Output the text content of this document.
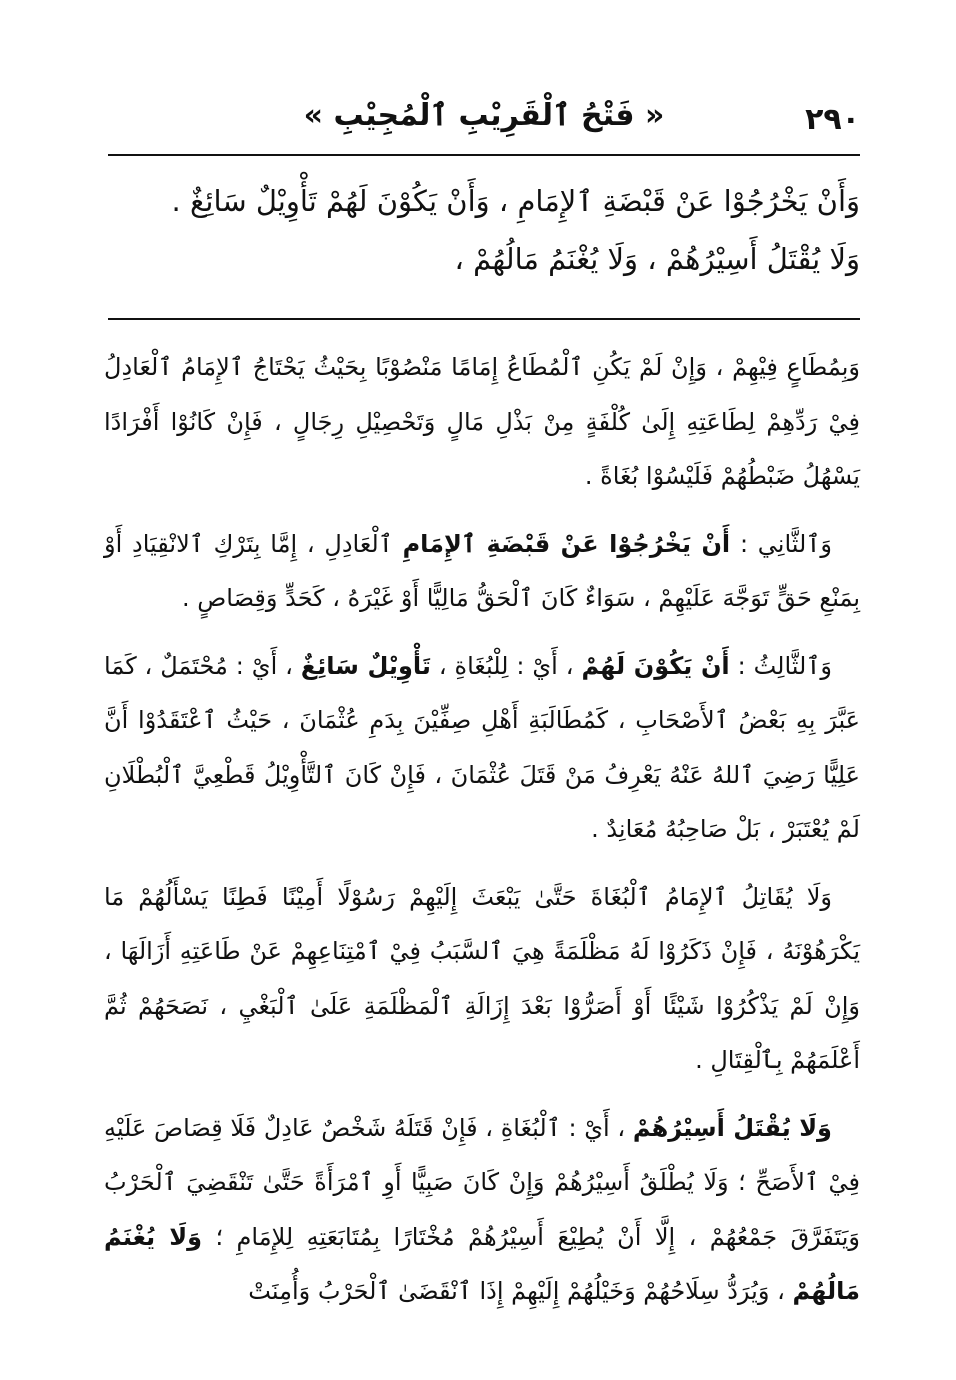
٢٩٠
« فَتْحُ ٱلْقَرِيْبِ ٱلْمُجِيْبِ »

وَأَنْ يَخْرُجُوْا عَنْ قَبْضَةِ ٱلإِمَامِ ، وَأَنْ يَكُوْنَ لَهُمْ تَأْوِيْلٌ سَائِغٌ .

وَلَا يُقْتَلُ أَسِيْرُهُمْ ، وَلَا يُغْنَمُ مَالُهُمْ ،

وَبِمُطَاعٍ فِيْهِمْ ، وَإِنْ لَمْ يَكُنِ ٱلْمُطَاعُ إِمَامًا مَنْصُوْبًا بِحَيْثُ يَحْتَاجُ ٱلإِمَامُ ٱلْعَادِلُ فِيْ رَدِّهِمْ لِطَاعَتِهِ إِلَىٰ كُلْفَةٍ مِنْ بَذْلِ مَالٍ وَتَحْصِيْلِ رِجَالٍ ، فَإِنْ كَانُوْا أَفْرَادًا يَسْهُلُ ضَبْطُهُمْ فَلَيْسُوْا بُغَاةً .

وَٱلثَّانِي : أَنْ يَخْرُجُوْا عَنْ قَبْضَةِ ٱلإِمَامِ ٱلْعَادِلِ ، إِمَّا بِتَرْكِ ٱلانْقِيَادِ أَوْ بِمَنْعِ حَقٍّ تَوَجَّهَ عَلَيْهِمْ ، سَوَاءٌ كَانَ ٱلْحَقُّ مَالِيًّا أَوْ غَيْرَهُ ، كَحَدٍّ وَقِصَاصٍ .

وَٱلثَّالِثُ : أَنْ يَكُوْنَ لَهُمْ ، أَيْ : لِلْبُغَاةِ ، تَأْوِيْلٌ سَائِغٌ ، أَيْ : مُحْتَمَلٌ ، كَمَا عَبَّرَ بِهِ بَعْضُ ٱلأَصْحَابِ ، كَمُطَالَبَةِ أَهْلِ صِفِّيْنَ بِدَمِ عُثْمَانَ ، حَيْثُ ٱعْتَقَدُوْا أَنَّ عَلِيًّا رَضِيَ ٱللهُ عَنْهُ يَعْرِفُ مَنْ قَتَلَ عُثْمَانَ ، فَإِنْ كَانَ ٱلتَّأْوِيْلُ قَطْعِيَّ ٱلْبُطْلَانِ لَمْ يُعْتَبَرْ ، بَلْ صَاحِبُهُ مُعَانِدٌ .

وَلَا يُقَاتِلُ ٱلإِمَامُ ٱلْبُغَاةَ حَتَّىٰ يَبْعَثَ إِلَيْهِمْ رَسُوْلًا أَمِيْنًا فَطِنًا يَسْأَلُهُمْ مَا يَكْرَهُوْنَهُ ، فَإِنْ ذَكَرُوْا لَهُ مَظْلَمَةً هِيَ ٱلسَّبَبُ فِيْ ٱمْتِنَاعِهِمْ عَنْ طَاعَتِهِ أَزَالَهَا ، وَإِنْ لَمْ يَذْكُرُوْا شَيْئًا أَوْ أَصَرُّوْا بَعْدَ إِزَالَةِ ٱلْمَظْلَمَةِ عَلَىٰ ٱلْبَغْيِ ، نَصَحَهُمْ ثُمَّ أَعْلَمَهُمْ بِٱلْقِتَالِ .

وَلَا يُقْتَلُ أَسِيْرُهُمْ ، أَيْ : ٱلْبُغَاةِ ، فَإِنْ قَتَلَهُ شَخْصٌ عَادِلٌ فَلَا قِصَاصَ عَلَيْهِ فِيْ ٱلأَصَحِّ ؛ وَلَا يُطْلَقُ أَسِيْرُهُمْ وَإِنْ كَانَ صَبِيًّا أَوِ ٱمْرَأَةً حَتَّىٰ تَنْقَضِيَ ٱلْحَرْبُ وَيَتَفَرَّقَ جَمْعُهُمْ ، إِلَّا أَنْ يُطِيْعَ أَسِيْرُهُمْ مُخْتَارًا بِمُتَابَعَتِهِ لِلإِمَامِ ؛ وَلَا يُغْنَمُ مَالُهُمْ ، وَيُرَدُّ سِلَاحُهُمْ وَخَيْلُهُمْ إِلَيْهِمْ إِذَا ٱنْقَضَىٰ ٱلْحَرْبُ وَأُمِنَتْ
